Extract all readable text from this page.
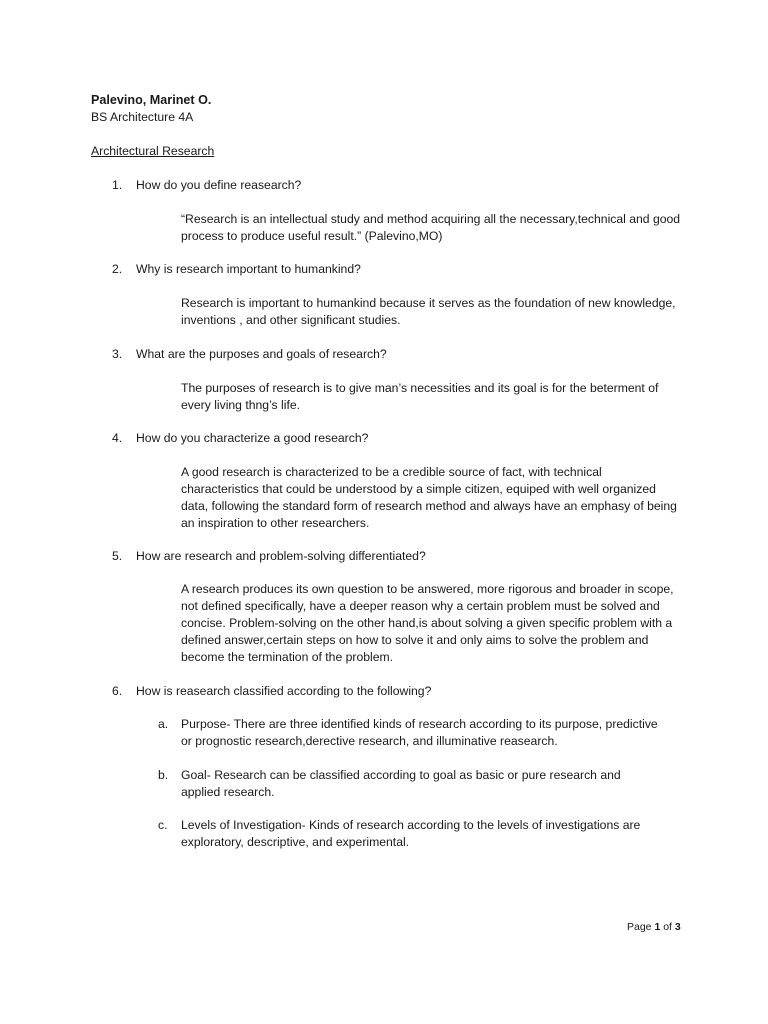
Palevino, Marinet O.
BS Architecture 4A
Architectural Research
1.	How do you define reasearch?
“Research is an intellectual study and method acquiring all the necessary,technical and good process to produce useful result.” (Palevino,MO)
2.	Why is research important to humankind?
Research is important to humankind because it serves as the foundation of new knowledge, inventions , and other significant studies.
3.	What are the purposes and goals of research?
The purposes of research is to give man’s necessities and its goal is for the beterment of every living thng’s life.
4.	How do you characterize a good research?
A good research is characterized to be a credible source of fact, with technical characteristics that could be understood by a simple citizen, equiped with well organized data, following the standard form of research method and always have an emphasy of being an inspiration to other researchers.
5.	How are research and problem-solving differentiated?
A research produces its own question to be answered, more rigorous and broader in scope, not defined specifically, have a deeper reason why a certain problem must be solved and concise. Problem-solving on the other hand,is about solving a given specific problem with a defined answer,certain steps on how to solve it and only aims to solve the problem and become the termination of the problem.
6.	How is reasearch classified according to the following?
a. Purpose- There are three identified kinds of research according to its purpose, predictive or prognostic research,derective research, and illuminative reasearch.
b. Goal- Research can be classified according to goal as basic or pure research and applied research.
c. Levels of Investigation- Kinds of research according to the levels of investigations are exploratory, descriptive, and experimental.
Page 1 of 3
